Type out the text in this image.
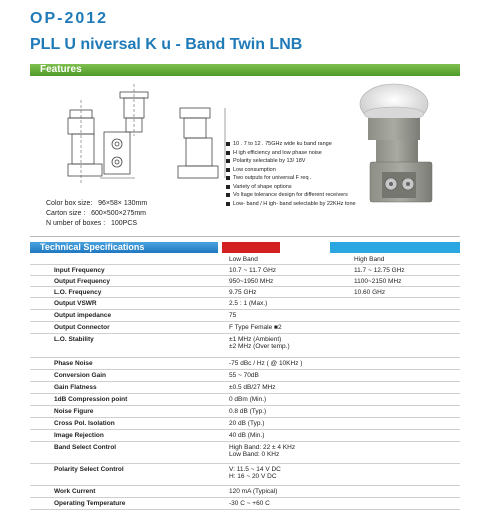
OP-2012
PLL U niversal K u - Band Twin LNB
Features
Color box size: 96×58× 130mm
Carton size : 600×500×275mm
N umber of boxes : 100PCS
10 . 7 to 12 . 75GHz wide ku band range
H igh efficiency and low phase noise
Polarity selectable by 13/ 18V
Low consumption
Two outputs for universal F req .
Variety of shape options
Vo ltage tolerance design for different receivers
Low- band / H igh- band selectable by 22KHz tone
Technical Specifications
	Low Band	High Band
Input Frequency	10.7 ~ 11.7 GHz	11.7 ~ 12.75 GHz
Output Frequency	950~1950 MHz	1100~2150 MHz
L.O. Frequency	9.75 GHz	10.60 GHz
Output VSWR	2.5 : 1 (Max.)	
Output impedance	75	
Output Connector	F Type Female ■2	
L.O. Stability	±1 MHz (Ambient)
±2 MHz (Over temp.)	

Phase Noise	-75 dBc / Hz ( @ 10KHz )	
Conversion Gain	55 ~ 70dB	
Gain Flatness	±0.5 dB/27 MHz	
1dB Compression point	0 dBm (Min.)	
Noise Figure	0.8 dB (Typ.)	
Cross Pol. Isolation	20 dB (Typ.)	
Image Rejection	40 dB (Min.)	
Band Select Control	High Band: 22 ± 4 KHz
Low Band: 0 KHz	

Polarity Select Control	V: 11.5 ~ 14 V DC
H: 16 ~ 20 V DC	

Work Current	120 mA (Typical)	
Operating Temperature	-30 C ~ +60 C	
